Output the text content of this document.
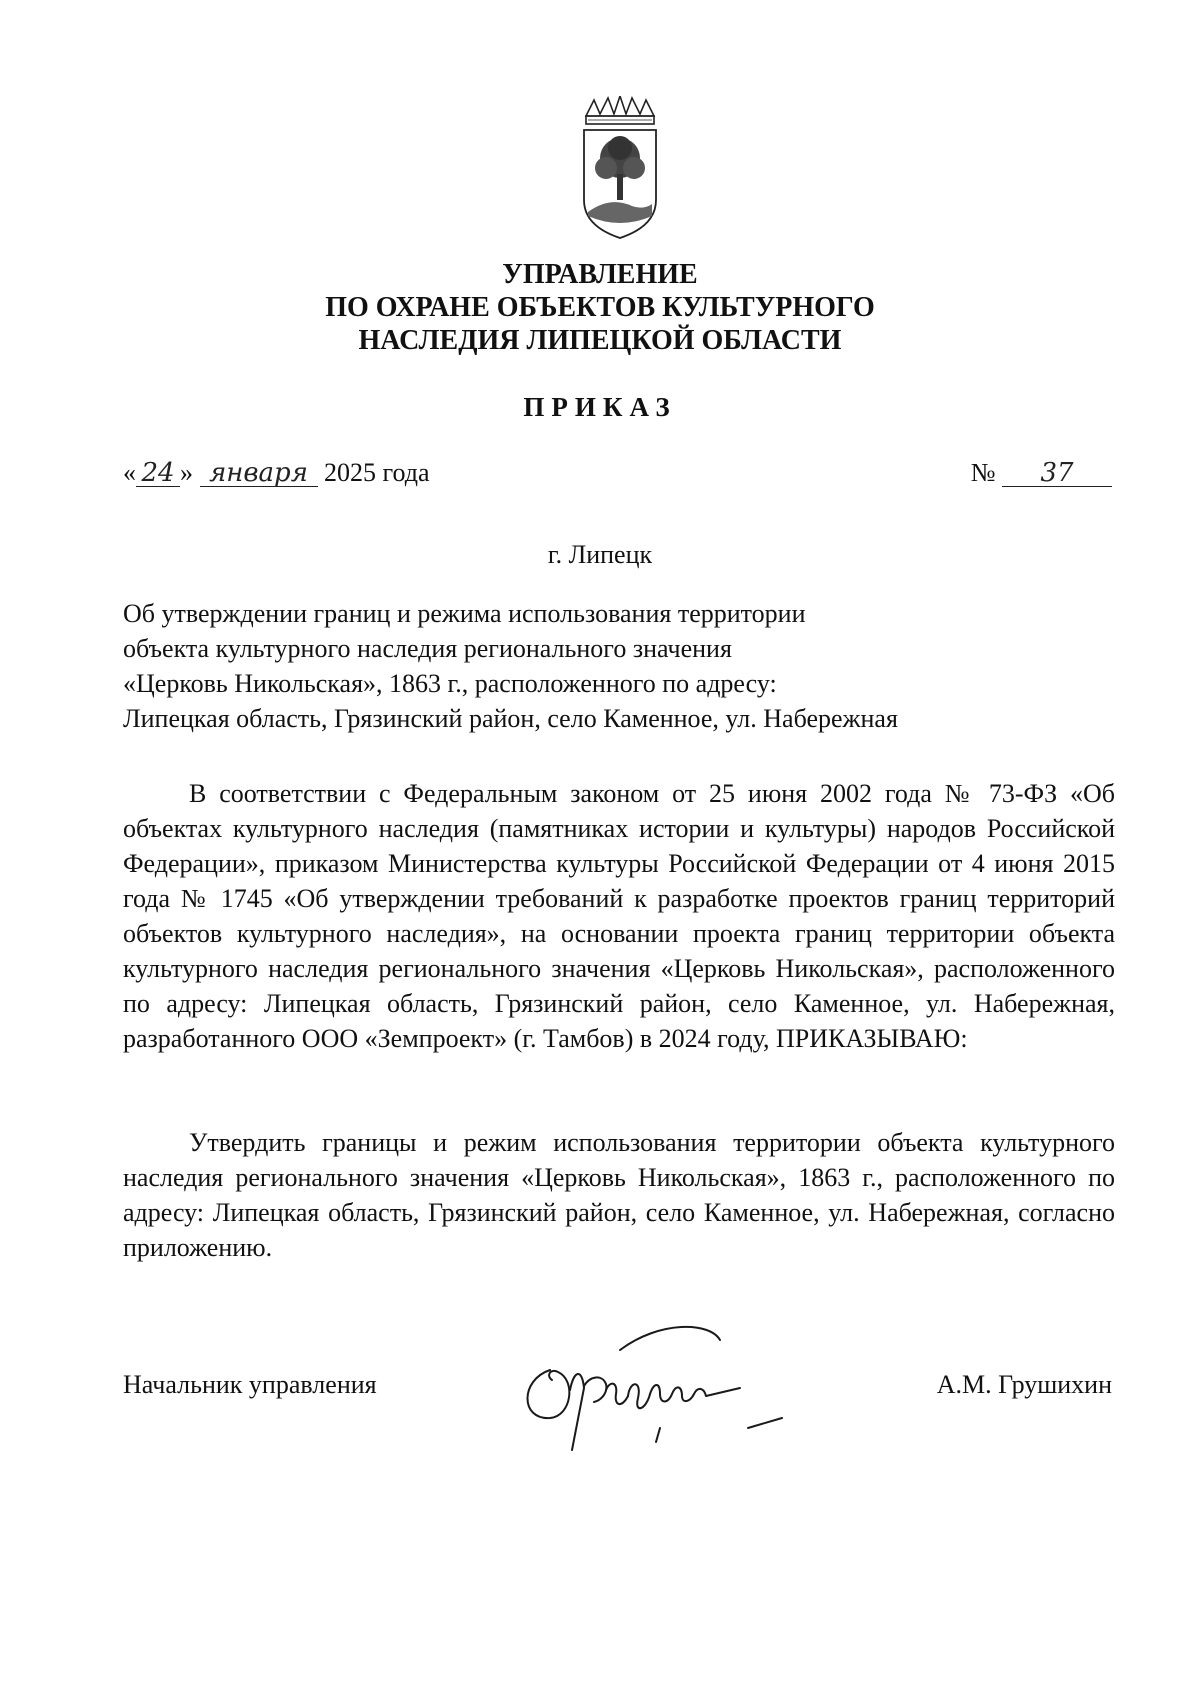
УПРАВЛЕНИЕ
ПО ОХРАНЕ ОБЪЕКТОВ КУЛЬТУРНОГО
НАСЛЕДИЯ ЛИПЕЦКОЙ ОБЛАСТИ
ПРИКАЗ
« 24 » января 2025 года	№ 37
г. Липецк
Об утверждении границ и режима использования территории
объекта культурного наследия регионального значения
«Церковь Никольская», 1863 г., расположенного по адресу:
Липецкая область, Грязинский район, село Каменное, ул. Набережная
В соответствии с Федеральным законом от 25 июня 2002 года № 73-ФЗ «Об объектах культурного наследия (памятниках истории и культуры) народов Российской Федерации», приказом Министерства культуры Российской Федерации от 4 июня 2015 года № 1745 «Об утверждении требований к разработке проектов границ территорий объектов культурного наследия», на основании проекта границ территории объекта культурного наследия регионального значения «Церковь Никольская», расположенного по адресу: Липецкая область, Грязинский район, село Каменное, ул. Набережная, разработанного ООО «Земпроект» (г. Тамбов) в 2024 году, ПРИКАЗЫВАЮ:
Утвердить границы и режим использования территории объекта культурного наследия регионального значения «Церковь Никольская», 1863 г., расположенного по адресу: Липецкая область, Грязинский район, село Каменное, ул. Набережная, согласно приложению.
Начальник управления	А.М. Грушихин
